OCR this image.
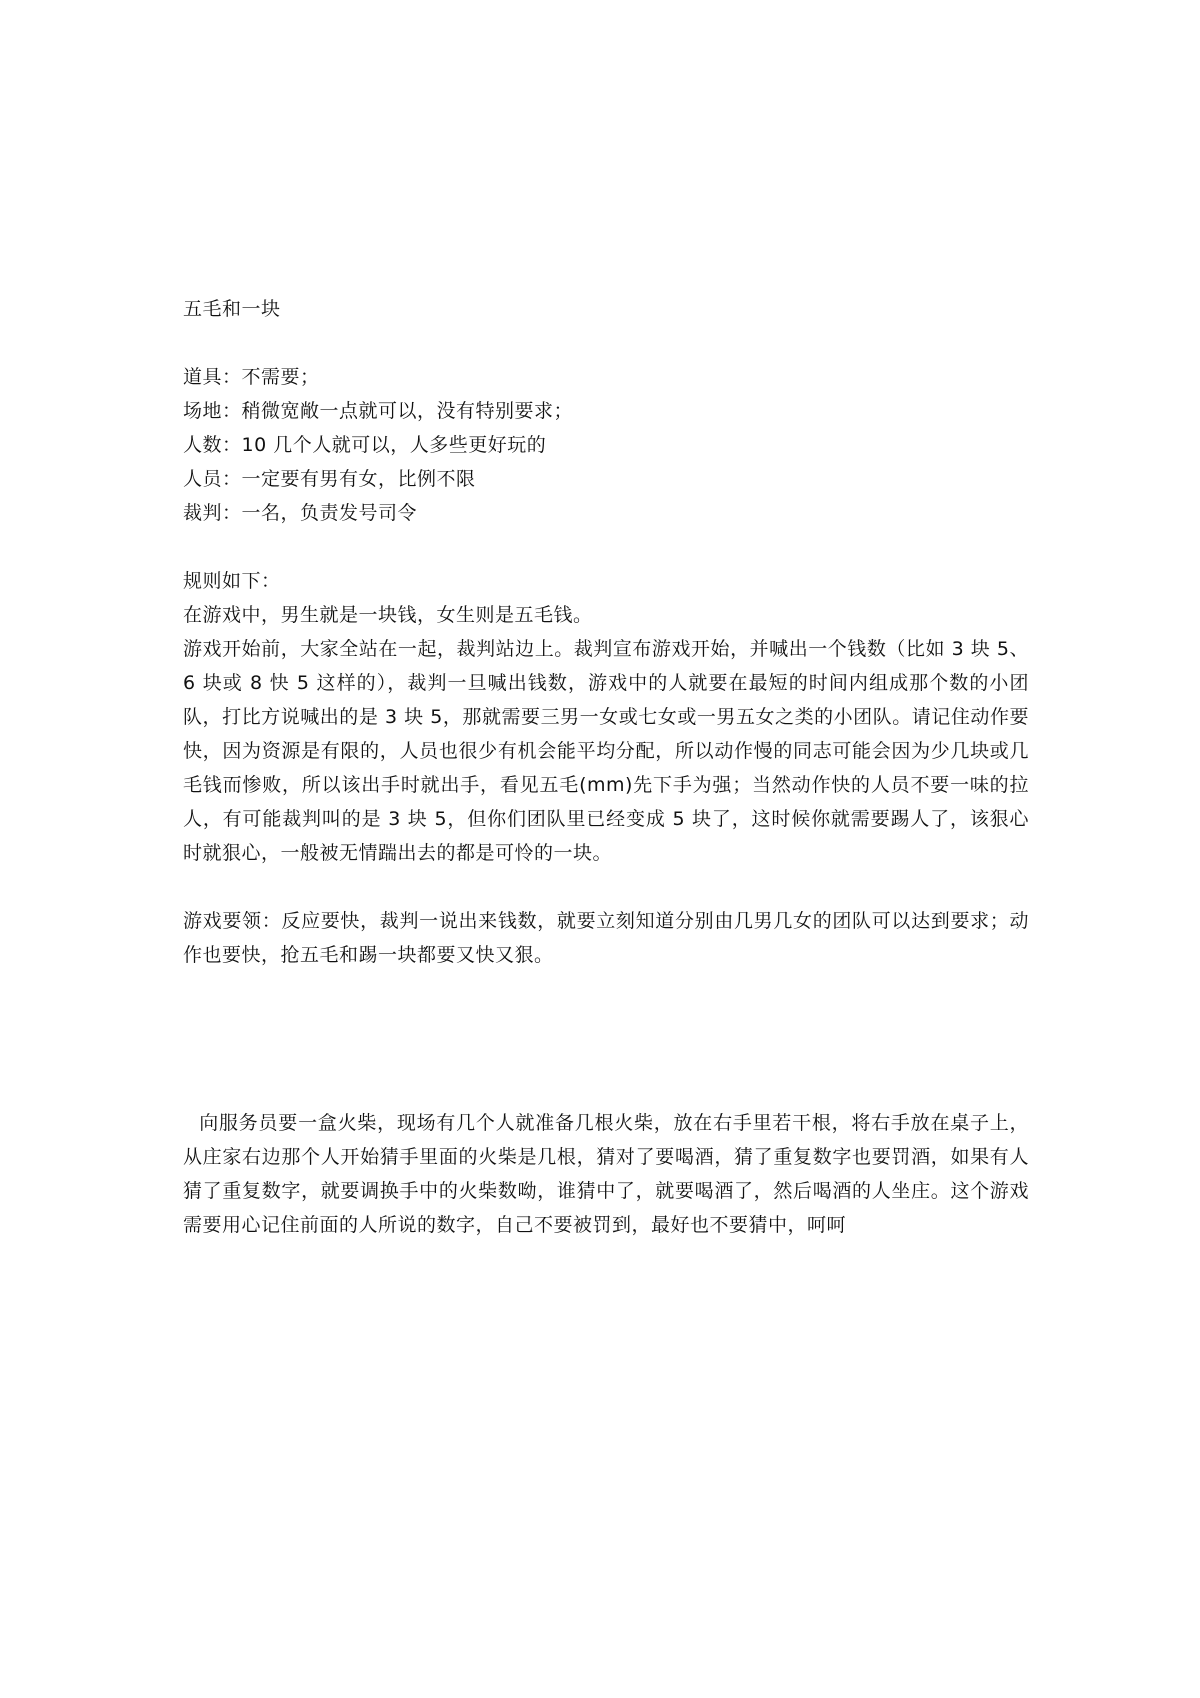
五毛和一块
道具：不需要；
场地：稍微宽敞一点就可以，没有特别要求；
人数：10 几个人就可以，人多些更好玩的
人员：一定要有男有女，比例不限
裁判：一名，负责发号司令
规则如下：
在游戏中，男生就是一块钱，女生则是五毛钱。
游戏开始前，大家全站在一起，裁判站边上。裁判宣布游戏开始，并喊出一个钱数（比如 3 块 5、6 块或 8 快 5 这样的），裁判一旦喊出钱数，游戏中的人就要在最短的时间内组成那个数的小团队，打比方说喊出的是 3 块 5，那就需要三男一女或七女或一男五女之类的小团队。请记住动作要快，因为资源是有限的，人员也很少有机会能平均分配，所以动作慢的同志可能会因为少几块或几毛钱而惨败，所以该出手时就出手，看见五毛(mm)先下手为强；当然动作快的人员不要一味的拉人，有可能裁判叫的是 3 块 5，但你们团队里已经变成 5 块了，这时候你就需要踢人了，该狠心时就狠心，一般被无情踹出去的都是可怜的一块。
游戏要领：反应要快，裁判一说出来钱数，就要立刻知道分别由几男几女的团队可以达到要求；动作也要快，抢五毛和踢一块都要又快又狠。
向服务员要一盒火柴，现场有几个人就准备几根火柴，放在右手里若干根，将右手放在桌子上，从庄家右边那个人开始猜手里面的火柴是几根，猜对了要喝酒，猜了重复数字也要罚酒，如果有人猜了重复数字，就要调换手中的火柴数呦，谁猜中了，就要喝酒了，然后喝酒的人坐庄。这个游戏需要用心记住前面的人所说的数字，自己不要被罚到，最好也不要猜中，呵呵
